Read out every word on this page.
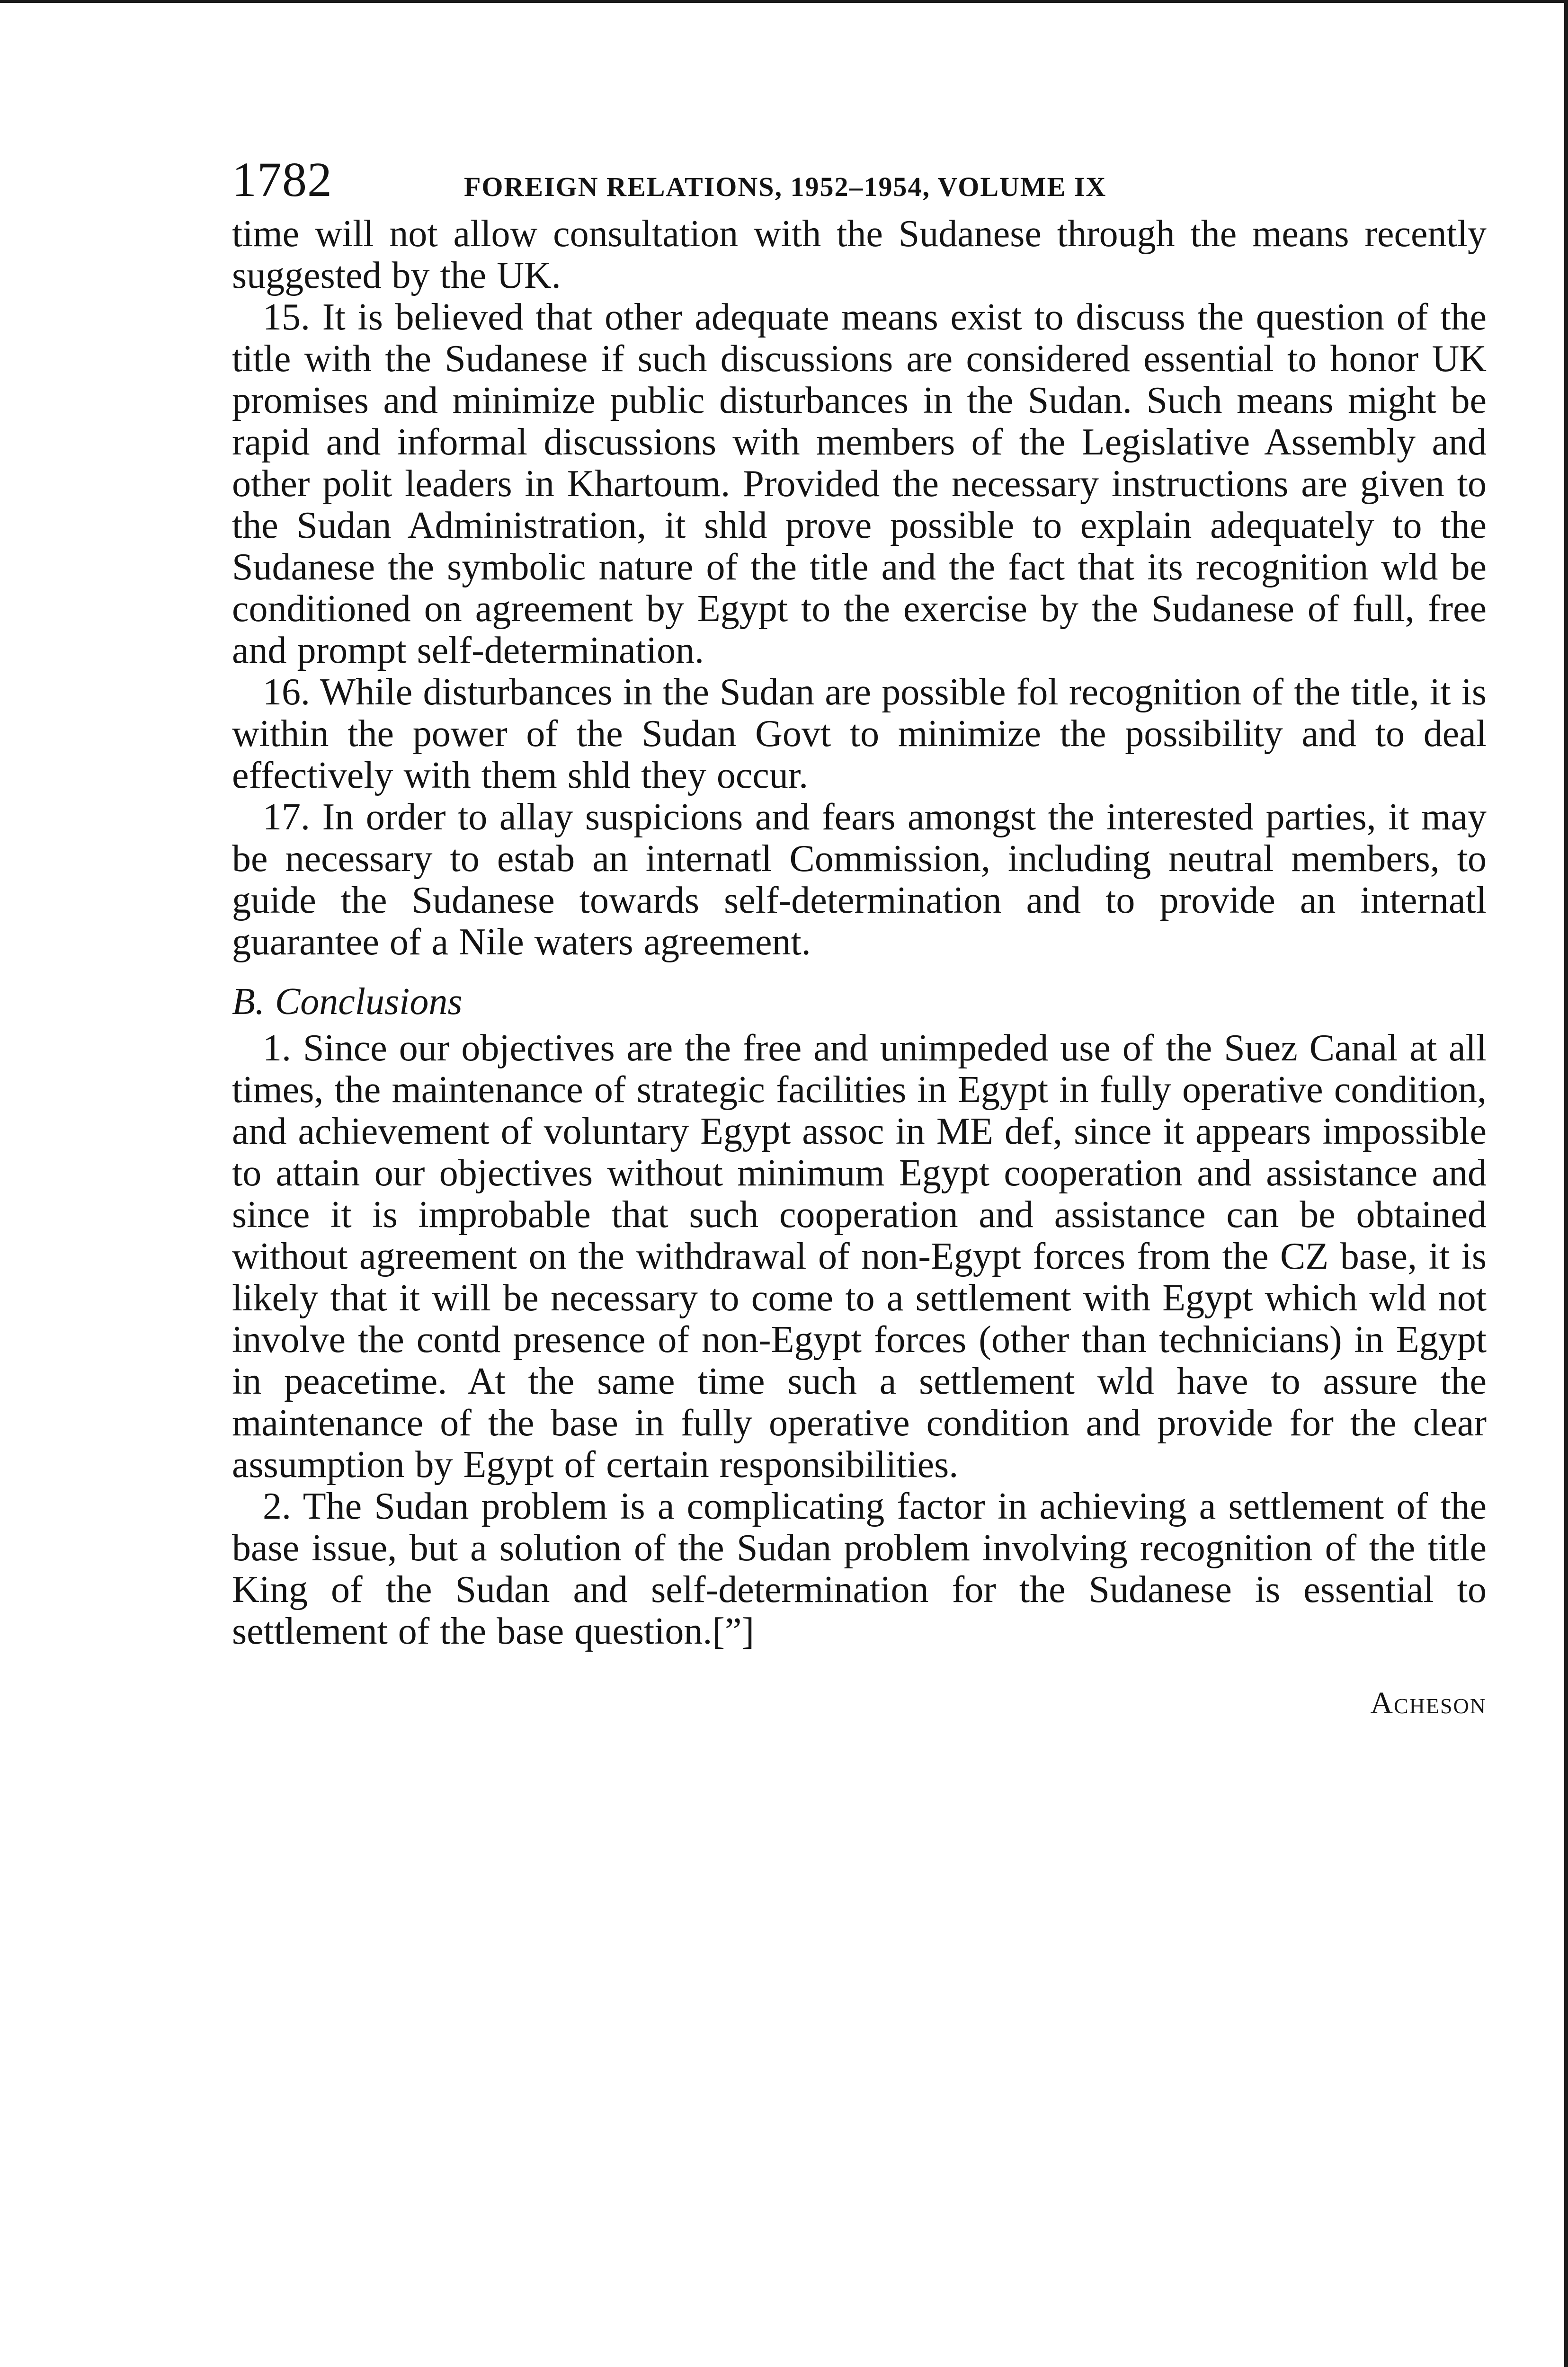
1782	FOREIGN RELATIONS, 1952–1954, VOLUME IX

time will not allow consultation with the Sudanese through the means recently suggested by the UK.

15. It is believed that other adequate means exist to discuss the question of the title with the Sudanese if such discussions are considered essential to honor UK promises and minimize public disturbances in the Sudan. Such means might be rapid and informal discussions with members of the Legislative Assembly and other polit leaders in Khartoum. Provided the necessary instructions are given to the Sudan Administration, it shld prove possible to explain adequately to the Sudanese the symbolic nature of the title and the fact that its recognition wld be conditioned on agreement by Egypt to the exercise by the Sudanese of full, free and prompt self-determination.

16. While disturbances in the Sudan are possible fol recognition of the title, it is within the power of the Sudan Govt to minimize the possibility and to deal effectively with them shld they occur.

17. In order to allay suspicions and fears amongst the interested parties, it may be necessary to estab an internatl Commission, including neutral members, to guide the Sudanese towards self-determination and to provide an internatl guarantee of a Nile waters agreement.

B. Conclusions

1. Since our objectives are the free and unimpeded use of the Suez Canal at all times, the maintenance of strategic facilities in Egypt in fully operative condition, and achievement of voluntary Egypt assoc in ME def, since it appears impossible to attain our objectives without minimum Egypt cooperation and assistance and since it is improbable that such cooperation and assistance can be obtained without agreement on the withdrawal of non-Egypt forces from the CZ base, it is likely that it will be necessary to come to a settlement with Egypt which wld not involve the contd presence of non-Egypt forces (other than technicians) in Egypt in peacetime. At the same time such a settlement wld have to assure the maintenance of the base in fully operative condition and provide for the clear assumption by Egypt of certain responsibilities.

2. The Sudan problem is a complicating factor in achieving a settlement of the base issue, but a solution of the Sudan problem involving recognition of the title King of the Sudan and self-determination for the Sudanese is essential to settlement of the base question.[”]

Acheson
